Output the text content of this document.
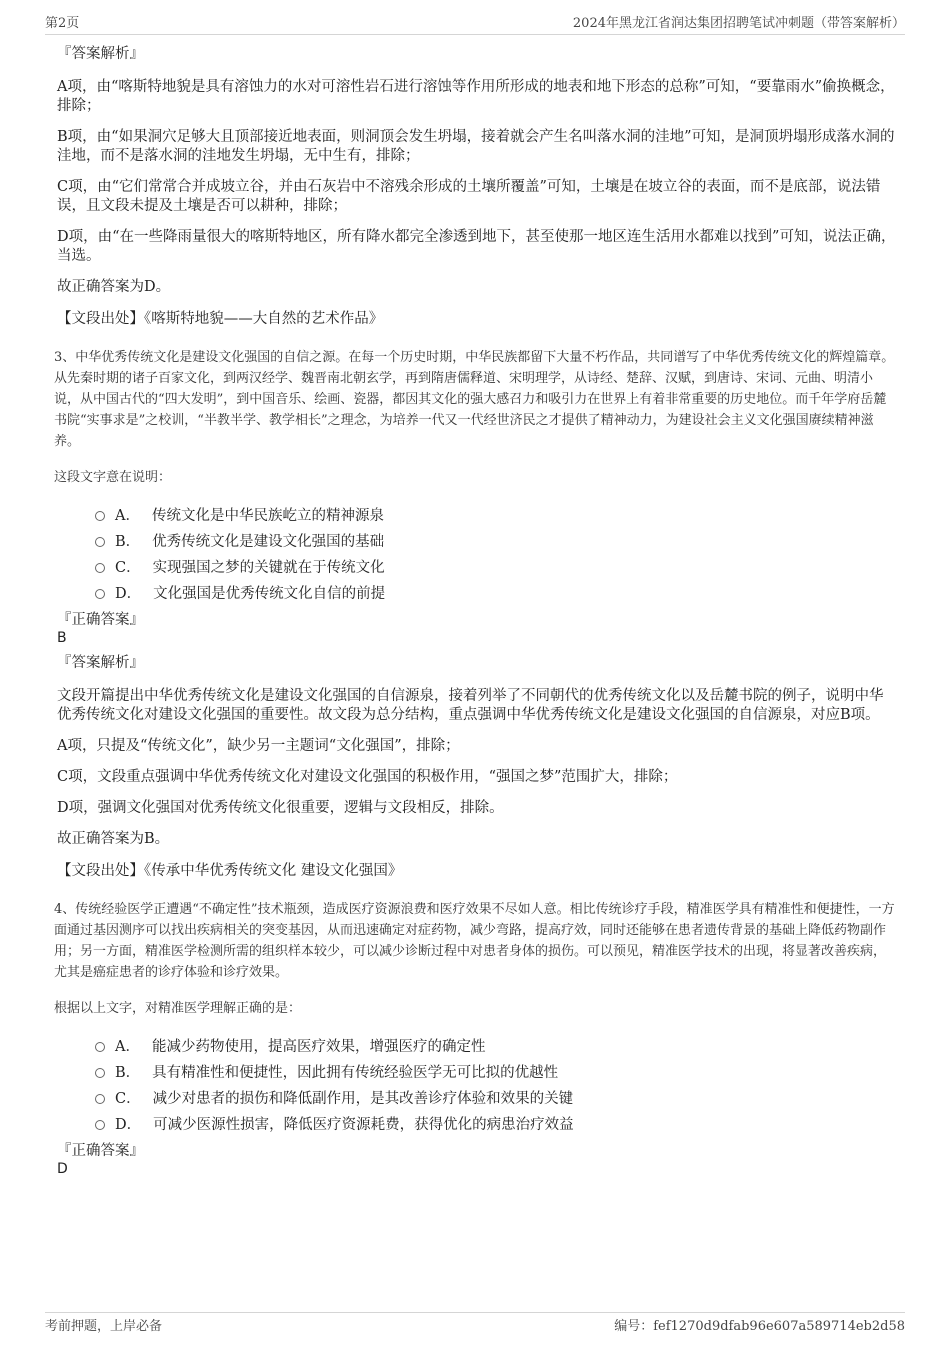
第2页	2024年黑龙江省润达集团招聘笔试冲刺题（带答案解析）
『答案解析』
A项，由“喀斯特地貌是具有溶蚀力的水对可溶性岩石进行溶蚀等作用所形成的地表和地下形态的总称”可知，“要靠雨水”偷换概念，排除；
B项，由“如果洞穴足够大且顶部接近地表面，则洞顶会发生坍塌，接着就会产生名叫落水洞的洼地”可知，是洞顶坍塌形成落水洞的洼地，而不是落水洞的洼地发生坍塌，无中生有，排除；
C项，由“它们常常合并成坡立谷，并由石灰岩中不溶残余形成的土壤所覆盖”可知，土壤是在坡立谷的表面，而不是底部，说法错误，且文段未提及土壤是否可以耕种，排除；
D项，由“在一些降雨量很大的喀斯特地区，所有降水都完全渗透到地下，甚至使那一地区连生活用水都难以找到”可知，说法正确，当选。
故正确答案为D。
【文段出处】《喀斯特地貌——大自然的艺术作品》
3、中华优秀传统文化是建设文化强国的自信之源。在每一个历史时期，中华民族都留下大量不朽作品，共同谱写了中华优秀传统文化的辉煌篇章。从先秦时期的诸子百家文化，到两汉经学、魏晋南北朝玄学，再到隋唐儒释道、宋明理学，从诗经、楚辞、汉赋，到唐诗、宋词、元曲、明清小说，从中国古代的“四大发明”，到中国音乐、绘画、瓷器，都因其文化的强大感召力和吸引力在世界上有着非常重要的历史地位。而千年学府岳麓书院“实事求是”之校训，“半教半学、教学相长”之理念，为培养一代又一代经世济民之才提供了精神动力，为建设社会主义文化强国赓续精神滋养。
这段文字意在说明：
A． 传统文化是中华民族屹立的精神源泉
B． 优秀传统文化是建设文化强国的基础
C． 实现强国之梦的关键就在于传统文化
D． 文化强国是优秀传统文化自信的前提
『正确答案』
B
『答案解析』
文段开篇提出中华优秀传统文化是建设文化强国的自信源泉，接着列举了不同朝代的优秀传统文化以及岳麓书院的例子，说明中华优秀传统文化对建设文化强国的重要性。故文段为总分结构，重点强调中华优秀传统文化是建设文化强国的自信源泉，对应B项。
A项，只提及“传统文化”，缺少另一主题词“文化强国”，排除；
C项，文段重点强调中华优秀传统文化对建设文化强国的积极作用，“强国之梦”范围扩大，排除；
D项，强调文化强国对优秀传统文化很重要，逻辑与文段相反，排除。
故正确答案为B。
【文段出处】《传承中华优秀传统文化 建设文化强国》
4、传统经验医学正遭遇“不确定性”技术瓶颈，造成医疗资源浪费和医疗效果不尽如人意。相比传统诊疗手段，精准医学具有精准性和便捷性，一方面通过基因测序可以找出疾病相关的突变基因，从而迅速确定对症药物，减少弯路，提高疗效，同时还能够在患者遗传背景的基础上降低药物副作用；另一方面，精准医学检测所需的组织样本较少，可以减少诊断过程中对患者身体的损伤。可以预见，精准医学技术的出现，将显著改善疾病，尤其是癌症患者的诊疗体验和诊疗效果。
根据以上文字，对精准医学理解正确的是：
A． 能减少药物使用，提高医疗效果，增强医疗的确定性
B． 具有精准性和便捷性，因此拥有传统经验医学无可比拟的优越性
C． 减少对患者的损伤和降低副作用，是其改善诊疗体验和效果的关键
D． 可减少医源性损害，降低医疗资源耗费，获得优化的病患治疗效益
『正确答案』
D
考前押题，上岸必备	编号：fef1270d9dfab96e607a589714eb2d58
